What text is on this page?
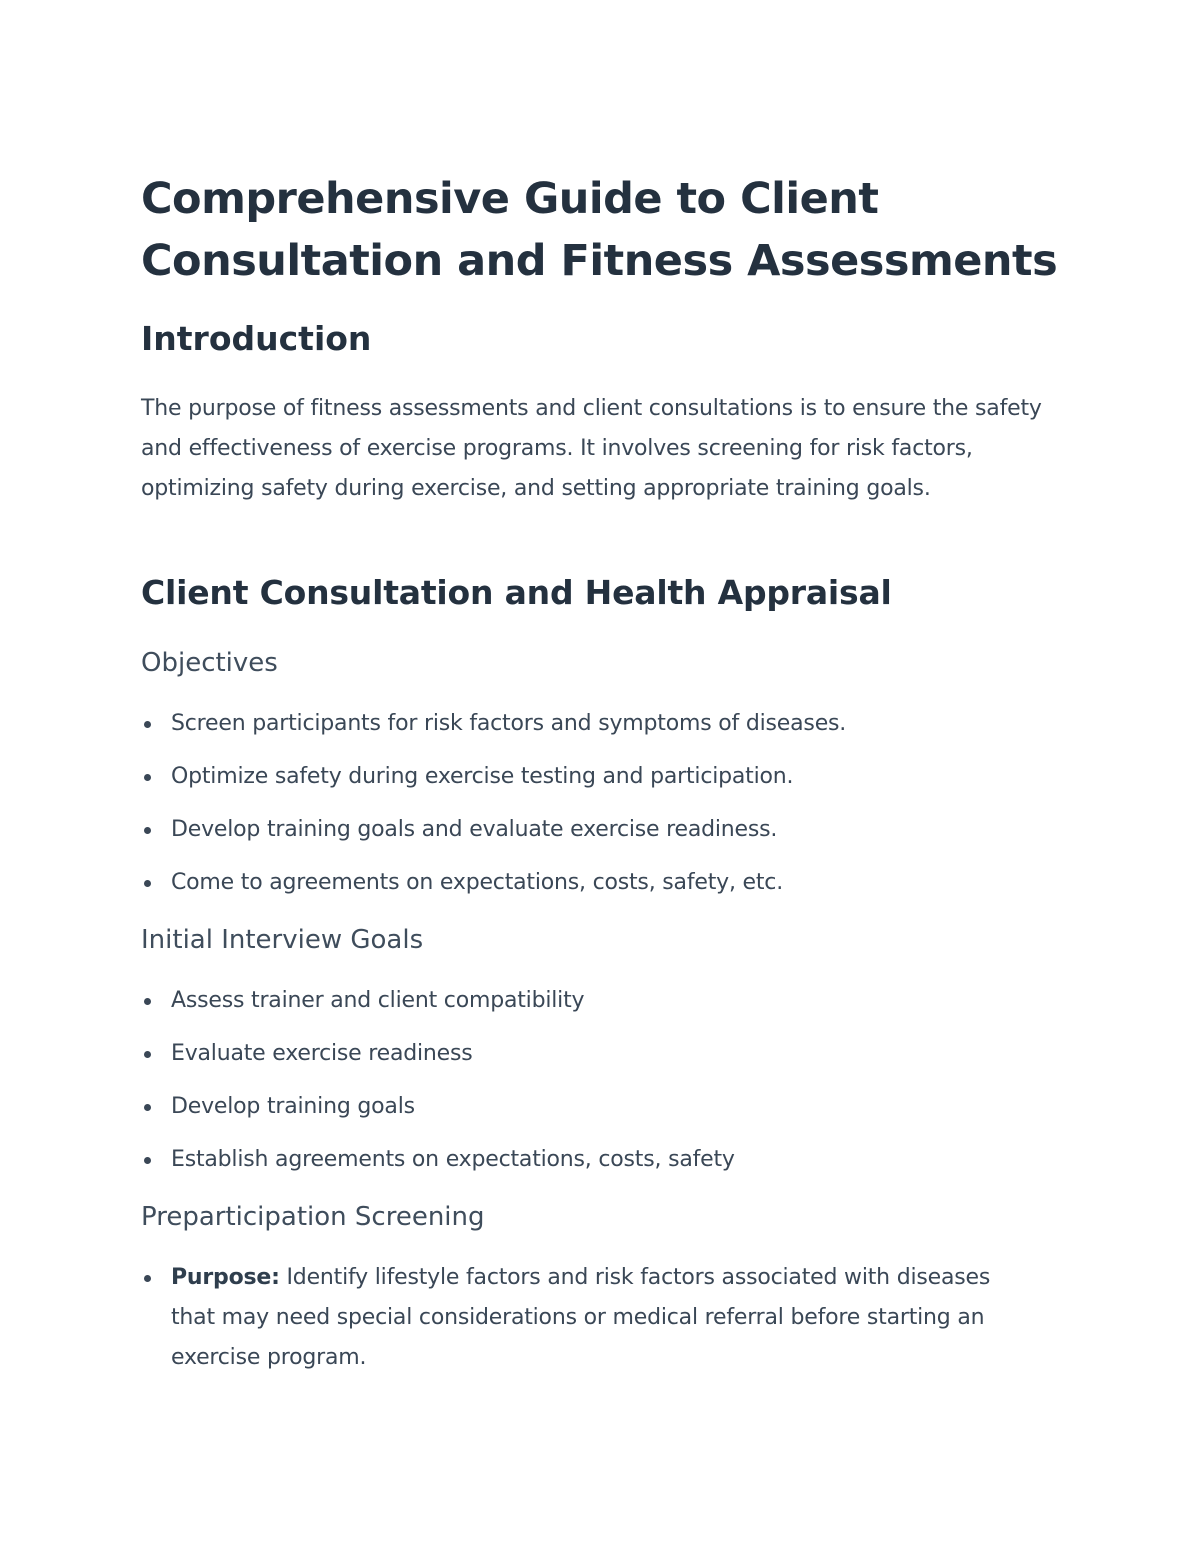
Comprehensive Guide to Client Consultation and Fitness Assessments
Introduction

The purpose of fitness assessments and client consultations is to ensure the safety and effectiveness of exercise programs. It involves screening for risk factors, optimizing safety during exercise, and setting appropriate training goals.

Client Consultation and Health Appraisal
Objectives
Screen participants for risk factors and symptoms of diseases.
Optimize safety during exercise testing and participation.
Develop training goals and evaluate exercise readiness.
Come to agreements on expectations, costs, safety, etc.
Initial Interview Goals
Assess trainer and client compatibility
Evaluate exercise readiness
Develop training goals
Establish agreements on expectations, costs, safety
Preparticipation Screening
Purpose: Identify lifestyle factors and risk factors associated with diseases that may need special considerations or medical referral before starting an exercise program.
